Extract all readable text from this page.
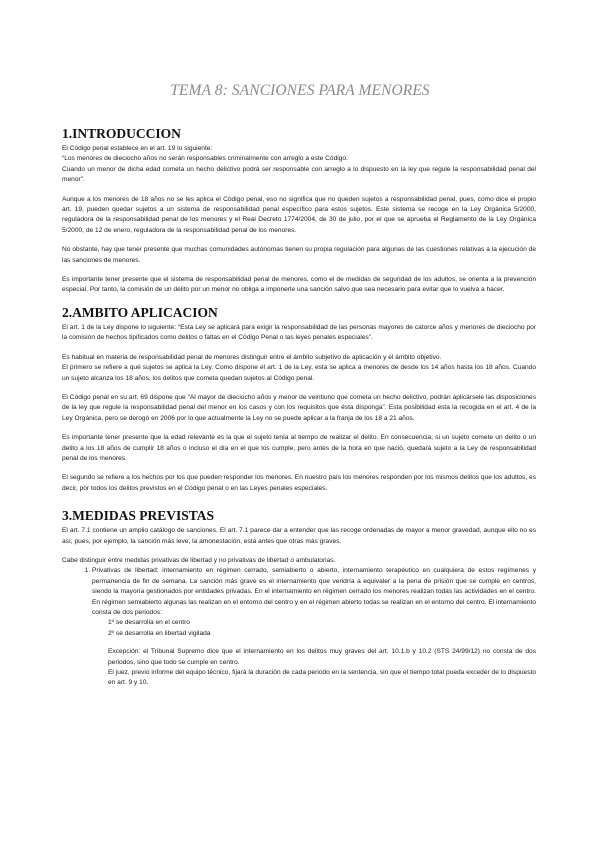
TEMA 8: SANCIONES PARA MENORES
1.INTRODUCCION

El Código penal establece en el art. 19 lo siguiente:

“Los menores de dieciocho años no serán responsables criminalmente con arreglo a este Código.

Cuando un menor de dicha edad cometa un hecho delictivo podrá ser responsable con arreglo a lo dispuesto en la ley que regule la responsabilidad penal del menor”.

Aunque a los menores de 18 años no se les aplica el Código penal, eso no significa que no queden sujetos a responsabilidad penal, pues, como dice el propio art. 19, pueden quedar sujetos a un sistema de responsabilidad penal específico para estos sujetos. Este sistema se recoge en la Ley Orgánica 5/2000, reguladora de la responsabilidad penal de los menores y el Real Decreto 1774/2004, de 30 de julio, por el que se aprueba el Reglamento de la Ley Orgánica 5/2000, de 12 de enero, reguladora de la responsabilidad penal de los menores.

No obstante, hay que tener presente que muchas comunidades autónomas tienen su propia regulación para algunas de las cuestiones relativas a la ejecución de las sanciones de menores.

Es importante tener presente que el sistema de responsabilidad penal de menores, como el de medidas de seguridad de los adultos, se orienta a la prevención especial. Por tanto, la comisión de un delito por un menor no obliga a imponerle una sanción salvo que sea necesario para evitar que lo vuelva a hacer.

2.AMBITO APLICACION

El art. 1 de la Ley dispone lo siguiente: “Esta Ley se aplicará para exigir la responsabilidad de las personas mayores de catorce años y menores de dieciocho por la comisión de hechos tipificados como delitos o faltas en el Código Penal o las leyes penales especiales”.

Es habitual en materia de responsabilidad penal de menores distinguir entre el ámbito subjetivo de aplicación y el ámbito objetivo.

El primero se refiere a qué sujetos se aplica la Ley. Como dispone el art. 1 de la Ley, esta se aplica a menores de desde los 14 años hasta los 18 años. Cuando un sujeto alcanza los 18 años, los delitos que cometa quedan sujetos al Código penal.

El Código penal en su art. 69 dispone que “Al mayor de dieciocho años y menor de veintiuno que cometa un hecho delictivo, podrán aplicársele las disposiciones de la ley que regule la responsabilidad penal del menor en los casos y con los requisitos que ésta disponga”. Esta posibilidad esta la recogida en el art. 4 de la Ley Orgánica, pero se derogó en 2006 por lo que actualmente la Ley no se puede aplicar a la franja de los 18 a 21 años.

Es importante tener presente que la edad relevante es la que el sujeto tenía al tiempo de realizar el delito. En consecuencia, si un sujeto comete un delito o un delito a los 18 años de cumplir 18 años o incluso el día en el que los cumple, pero antes de la hora en que nació, quedará sujeto a la Ley de responsabilidad penal de los menores.

El segundo se refiere a los hechos por los que pueden responder los menores. En nuestro país los menores responden por los mismos delitos que los adultos, es decir, por todos los delitos previstos en el Código penal o en las Leyes penales especiales.

3.MEDIDAS PREVISTAS

El art. 7.1 contiene un amplio catálogo de sanciones. El art. 7.1 parece dar a entender que las recoge ordenadas de mayor a menor gravedad, aunque ello no es así, pues, por ejemplo, la sanción más leve, la amonestación, está antes que otras más graves.

Cabe distinguir entre medidas privativas de libertad y no privativas de libertad o ambulatorias.

1. Privativas de libertad: internamiento en régimen cerrado, semiabierto o abierto, internamiento terapéutico en cualquiera de estos regímenes y permanencia de fin de semana. La sanción más grave es el internamiento que vendría a equivaler a la pena de prisión que se cumple en centros, siendo la mayoría gestionados por entidades privadas. En el internamiento en régimen cerrado los menores realizan todas las actividades en el centro. En régimen semiabierto algunas las realizan en el entorno del centro y en el régimen abierto todas se realizan en el entorno del centro. El internamiento consta de dos periodos:
1º se desarrolla en el centro
2º se desarrolla en libertad vigilada
Excepción: el Tribunal Supremo dice que el internamiento en los delitos muy graves del art. 10.1.b y 10.2 (STS 24/99/12) no consta de dos periodos, sino que todo se cumple en centro.
El juez, previo informe del equipo técnico, fijará la duración de cada periodo en la sentencia, sin que el tiempo total pueda exceder de lo dispuesto en art. 9 y 10.
